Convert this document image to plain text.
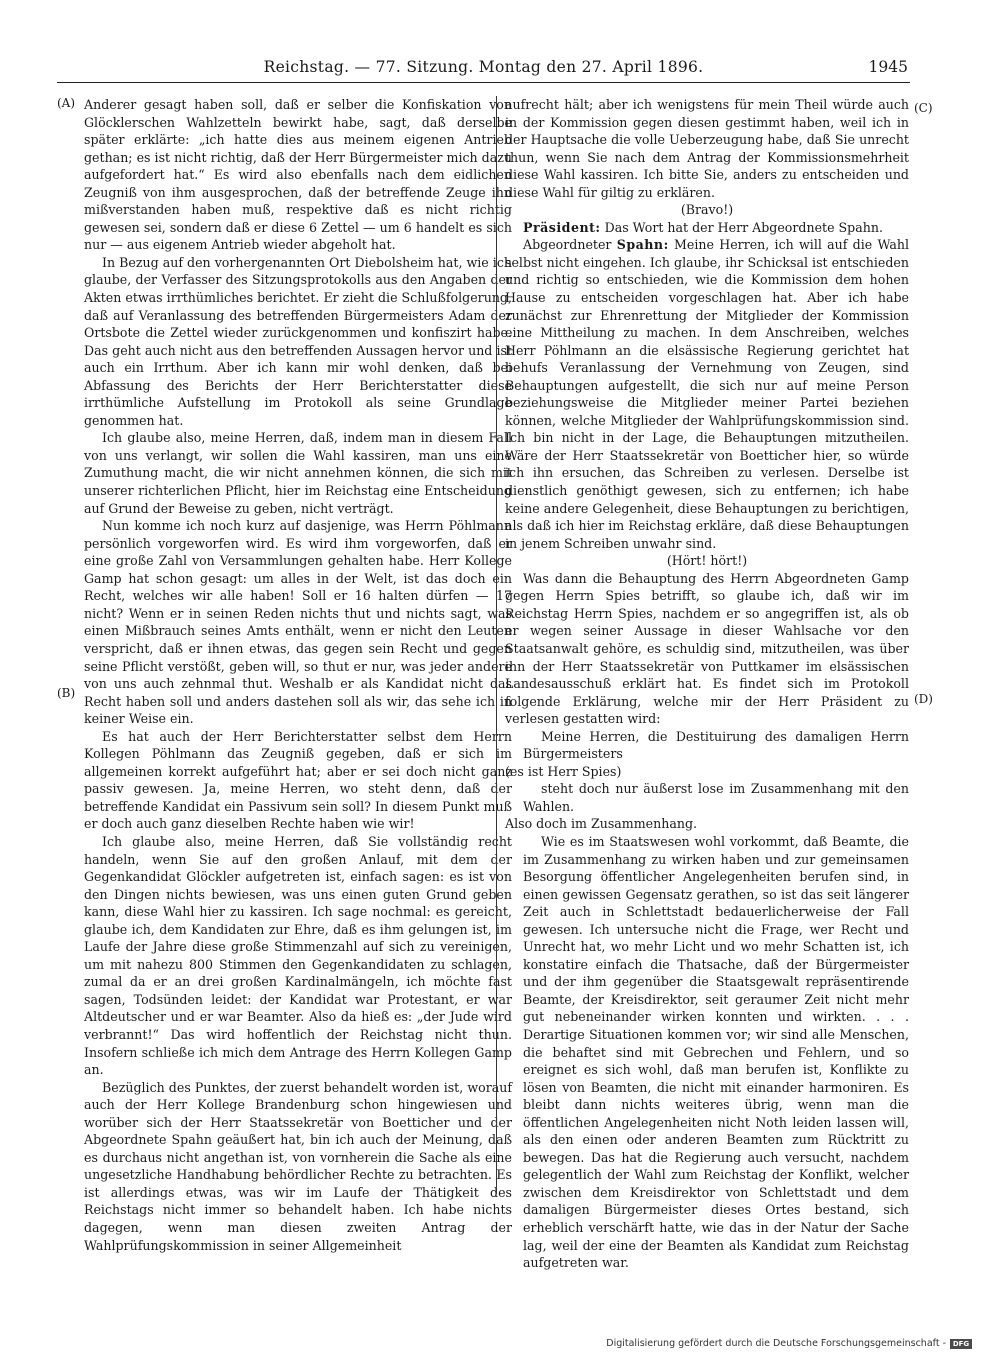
Reichstag. — 77. Sitzung. Montag den 27. April 1896.	1945
(A)
(B)
(C)
(D)

Anderer gesagt haben soll, daß er selber die Konfiskation von Glöcklerschen Wahlzetteln bewirkt habe, sagt, daß derselbe später erklärte: „ich hatte dies aus meinem eigenen Antrieb gethan; es ist nicht richtig, daß der Herr Bürgermeister mich dazu aufgefordert hat.“ Es wird also ebenfalls nach dem eidlichen Zeugniß von ihm ausgesprochen, daß der betreffende Zeuge ihn mißverstanden haben muß, respektive daß es nicht richtig gewesen sei, sondern daß er diese 6 Zettel — um 6 handelt es sich nur — aus eigenem Antrieb wieder abgeholt hat.

In Bezug auf den vorhergenannten Ort Diebolsheim hat, wie ich glaube, der Verfasser des Sitzungsprotokolls aus den Angaben der Akten etwas irrthümliches berichtet. Er zieht die Schlußfolgerung, daß auf Veranlassung des betreffenden Bürgermeisters Adam der Ortsbote die Zettel wieder zurückgenommen und konfiszirt habe. Das geht auch nicht aus den betreffenden Aussagen hervor und ist auch ein Irrthum. Aber ich kann mir wohl denken, daß bei Abfassung des Berichts der Herr Berichterstatter diese irrthümliche Aufstellung im Protokoll als seine Grundlage genommen hat.

Ich glaube also, meine Herren, daß, indem man in diesem Fall von uns verlangt, wir sollen die Wahl kassiren, man uns eine Zumuthung macht, die wir nicht annehmen können, die sich mit unserer richterlichen Pflicht, hier im Reichstag eine Entscheidung auf Grund der Beweise zu geben, nicht verträgt.

Nun komme ich noch kurz auf dasjenige, was Herrn Pöhlmann persönlich vorgeworfen wird. Es wird ihm vorgeworfen, daß er eine große Zahl von Versammlungen gehalten habe. Herr Kollege Gamp hat schon gesagt: um alles in der Welt, ist das doch ein Recht, welches wir alle haben! Soll er 16 halten dürfen — 17 nicht? Wenn er in seinen Reden nichts thut und nichts sagt, was einen Mißbrauch seines Amts enthält, wenn er nicht den Leuten verspricht, daß er ihnen etwas, das gegen sein Recht und gegen seine Pflicht verstößt, geben will, so thut er nur, was jeder andere von uns auch zehnmal thut. Weshalb er als Kandidat nicht das Recht haben soll und anders dastehen soll als wir, das sehe ich in keiner Weise ein.

Es hat auch der Herr Berichterstatter selbst dem Herrn Kollegen Pöhlmann das Zeugniß gegeben, daß er sich im allgemeinen korrekt aufgeführt hat; aber er sei doch nicht ganz passiv gewesen. Ja, meine Herren, wo steht denn, daß der betreffende Kandidat ein Passivum sein soll? In diesem Punkt muß er doch auch ganz dieselben Rechte haben wie wir!

Ich glaube also, meine Herren, daß Sie vollständig recht handeln, wenn Sie auf den großen Anlauf, mit dem der Gegenkandidat Glöckler aufgetreten ist, einfach sagen: es ist von den Dingen nichts bewiesen, was uns einen guten Grund geben kann, diese Wahl hier zu kassiren. Ich sage nochmal: es gereicht, glaube ich, dem Kandidaten zur Ehre, daß es ihm gelungen ist, im Laufe der Jahre diese große Stimmenzahl auf sich zu vereinigen, um mit nahezu 800 Stimmen den Gegenkandidaten zu schlagen, zumal da er an drei großen Kardinalmängeln, ich möchte fast sagen, Todsünden leidet: der Kandidat war Protestant, er war Altdeutscher und er war Beamter. Also da hieß es: „der Jude wird verbrannt!“ Das wird hoffentlich der Reichstag nicht thun. Insofern schließe ich mich dem Antrage des Herrn Kollegen Gamp an.

Bezüglich des Punktes, der zuerst behandelt worden ist, worauf auch der Herr Kollege Brandenburg schon hingewiesen und worüber sich der Herr Staatssekretär von Boetticher und der Abgeordnete Spahn geäußert hat, bin ich auch der Meinung, daß es durchaus nicht angethan ist, von vornherein die Sache als eine ungesetzliche Handhabung behördlicher Rechte zu betrachten. Es ist allerdings etwas, was wir im Laufe der Thätigkeit des Reichstags nicht immer so behandelt haben. Ich habe nichts dagegen, wenn man diesen zweiten Antrag der Wahlprüfungskommission in seiner Allgemeinheit

aufrecht hält; aber ich wenigstens für mein Theil würde auch in der Kommission gegen diesen gestimmt haben, weil ich in der Hauptsache die volle Ueberzeugung habe, daß Sie unrecht thun, wenn Sie nach dem Antrag der Kommissionsmehrheit diese Wahl kassiren. Ich bitte Sie, anders zu entscheiden und diese Wahl für giltig zu erklären.

(Bravo!)

Präsident: Das Wort hat der Herr Abgeordnete Spahn.

Abgeordneter Spahn: Meine Herren, ich will auf die Wahl selbst nicht eingehen. Ich glaube, ihr Schicksal ist entschieden und richtig so entschieden, wie die Kommission dem hohen Hause zu entscheiden vorgeschlagen hat. Aber ich habe zunächst zur Ehrenrettung der Mitglieder der Kommission eine Mittheilung zu machen. In dem Anschreiben, welches Herr Pöhlmann an die elsässische Regierung gerichtet hat behufs Veranlassung der Vernehmung von Zeugen, sind Behauptungen aufgestellt, die sich nur auf meine Person beziehungsweise die Mitglieder meiner Partei beziehen können, welche Mitglieder der Wahlprüfungskommission sind. Ich bin nicht in der Lage, die Behauptungen mitzutheilen. Wäre der Herr Staatssekretär von Boetticher hier, so würde ich ihn ersuchen, das Schreiben zu verlesen. Derselbe ist dienstlich genöthigt gewesen, sich zu entfernen; ich habe keine andere Gelegenheit, diese Behauptungen zu berichtigen, als daß ich hier im Reichstag erkläre, daß diese Behauptungen in jenem Schreiben unwahr sind.

(Hört! hört!)

Was dann die Behauptung des Herrn Abgeordneten Gamp gegen Herrn Spies betrifft, so glaube ich, daß wir im Reichstag Herrn Spies, nachdem er so angegriffen ist, als ob er wegen seiner Aussage in dieser Wahlsache vor den Staatsanwalt gehöre, es schuldig sind, mitzutheilen, was über ihn der Herr Staatssekretär von Puttkamer im elsässischen Landesausschuß erklärt hat. Es findet sich im Protokoll folgende Erklärung, welche mir der Herr Präsident zu verlesen gestatten wird:

Meine Herren, die Destituirung des damaligen Herrn Bürgermeisters

(es ist Herr Spies)

steht doch nur äußerst lose im Zusammenhang mit den Wahlen.

Also doch im Zusammenhang.

Wie es im Staatswesen wohl vorkommt, daß Beamte, die im Zusammenhang zu wirken haben und zur gemeinsamen Besorgung öffentlicher Angelegenheiten berufen sind, in einen gewissen Gegensatz gerathen, so ist das seit längerer Zeit auch in Schlettstadt bedauerlicherweise der Fall gewesen. Ich untersuche nicht die Frage, wer Recht und Unrecht hat, wo mehr Licht und wo mehr Schatten ist, ich konstatire einfach die Thatsache, daß der Bürgermeister und der ihm gegenüber die Staatsgewalt repräsentirende Beamte, der Kreisdirektor, seit geraumer Zeit nicht mehr gut nebeneinander wirken konnten und wirkten. . . . Derartige Situationen kommen vor; wir sind alle Menschen, die behaftet sind mit Gebrechen und Fehlern, und so ereignet es sich wohl, daß man berufen ist, Konflikte zu lösen von Beamten, die nicht mit einander harmoniren. Es bleibt dann nichts weiteres übrig, wenn man die öffentlichen Angelegenheiten nicht Noth leiden lassen will, als den einen oder anderen Beamten zum Rücktritt zu bewegen. Das hat die Regierung auch versucht, nachdem gelegentlich der Wahl zum Reichstag der Konflikt, welcher zwischen dem Kreisdirektor von Schlettstadt und dem damaligen Bürgermeister dieses Ortes bestand, sich erheblich verschärft hatte, wie das in der Natur der Sache lag, weil der eine der Beamten als Kandidat zum Reichstag aufgetreten war.

Digitalisierung gefördert durch die Deutsche Forschungsgemeinschaft - DFG
